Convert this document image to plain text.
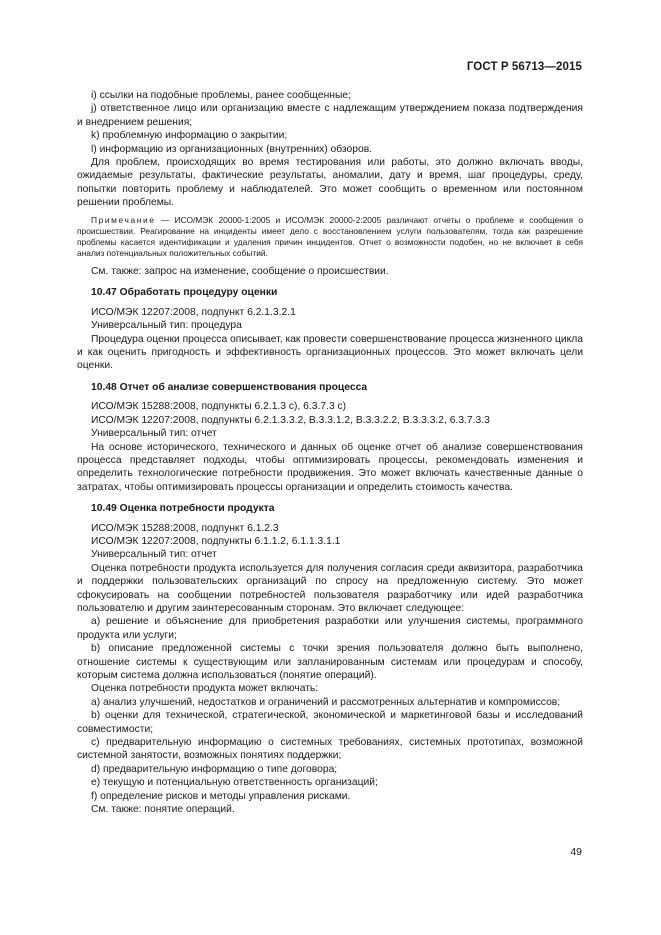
ГОСТ Р 56713—2015

i) ссылки на подобные проблемы, ранее сообщенные;

j) ответственное лицо или организацию вместе с надлежащим утверждением показа подтверждения и внедрением решения;

k) проблемную информацию о закрытии;

l) информацию из организационных (внутренних) обзоров.

Для проблем, происходящих во время тестирования или работы, это должно включать вводы, ожидаемые результаты, фактические результаты, аномалии, дату и время, шаг процедуры, среду, попытки повторить проблему и наблюдателей. Это может сообщить о временном или постоянном решении проблемы.

Примечание — ИСО/МЭК 20000-1:2005 и ИСО/МЭК 20000-2:2005 различают отчеты о проблеме и сообщения о происшествии. Реагирование на инциденты имеет дело с восстановлением услуги пользователям, тогда как разрешение проблемы касается идентификации и удаления причин инцидентов. Отчет о возможности подобен, но не включает в себя анализ потенциальных положительных событий.

См. также: запрос на изменение, сообщение о происшествии.

10.47 Обработать процедуру оценки

ИСО/МЭК 12207:2008, подпункт 6.2.1.3.2.1

Универсальный тип: процедура

Процедура оценки процесса описывает, как провести совершенствование процесса жизненного цикла и как оценить пригодность и эффективность организационных процессов. Это может включать цели оценки.

10.48 Отчет об анализе совершенствования процесса

ИСО/МЭК 15288:2008, подпункты 6.2.1.3 c), 6.3.7.3 c)

ИСО/МЭК 12207:2008, подпункты 6.2.1.3.3.2, B.3.3.1.2, B.3.3.2.2, B.3.3.3.2, 6.3.7.3.3

Универсальный тип: отчет

На основе исторического, технического и данных об оценке отчет об анализе совершенствования процесса представляет подходы, чтобы оптимизировать процессы, рекомендовать изменения и определить технологические потребности продвижения. Это может включать качественные данные о затратах, чтобы оптимизировать процессы организации и определить стоимость качества.

10.49 Оценка потребности продукта

ИСО/МЭК 15288:2008, подпункт 6.1.2.3

ИСО/МЭК 12207:2008, подпункты 6.1.1.2, 6.1.1.3.1.1

Универсальный тип: отчет

Оценка потребности продукта используется для получения согласия среди аквизитора, разработчика и поддержки пользовательских организаций по спросу на предложенную систему. Это может сфокусировать на сообщении потребностей пользователя разработчику или идей разработчика пользователю и другим заинтересованным сторонам. Это включает следующее:

a) решение и объяснение для приобретения разработки или улучшения системы, программного продукта или услуги;

b) описание предложенной системы с точки зрения пользователя должно быть выполнено, отношение системы к существующим или запланированным системам или процедурам и способу, которым система должна использоваться (понятие операций).

Оценка потребности продукта может включать:

a) анализ улучшений, недостатков и ограничений и рассмотренных альтернатив и компромиссов;

b) оценки для технической, стратегической, экономической и маркетинговой базы и исследований совместимости;

c) предварительную информацию о системных требованиях, системных прототипах, возможной системной занятости, возможных понятиях поддержки;

d) предварительную информацию о типе договора;

e) текущую и потенциальную ответственность организаций;

f) определение рисков и методы управления рисками.

См. также: понятие операций.

49
